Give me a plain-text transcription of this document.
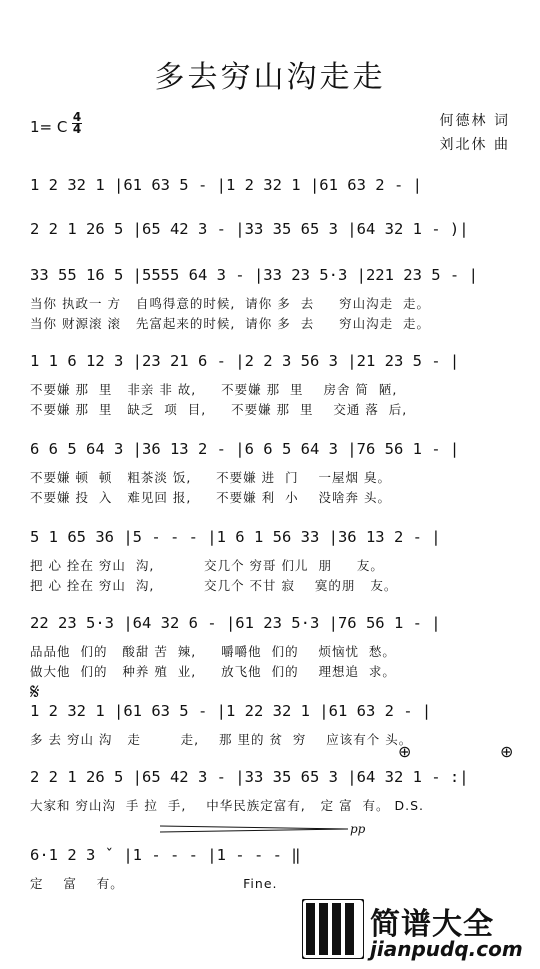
多去穷山沟走走
1= C
4
4	何德林 词
刘北休 曲
1 2 32 1 |61 63 5 - |1 2 32 1 |61 63 2 - |
2 2 1 26 5 |65 42 3 - |33 35 65 3 |64 32 1 - )|
33 55 16 5 |5555 64 3 - |33 23 5·3 |221 23 5 - |
当你 执政一 方   自鸣得意的时候,  请你 多  去     穷山沟走  走。
当你 财源滚 滚   先富起来的时候,  请你 多  去     穷山沟走  走。
1 1 6 12 3 |23 21 6 - |2 2 3 56 3 |21 23 5 - |
不要嫌 那  里   非亲 非 故,     不要嫌 那  里    房舍 简  陋,
不要嫌 那  里   缺乏  项  目,     不要嫌 那  里    交通 落  后,
6 6 5 64 3 |36 13 2 - |6 6 5 64 3 |76 56 1 - |
不要嫌 顿  顿   粗茶淡 饭,     不要嫌 进  门    一屋烟 臭。
不要嫌 投  入   难见回 报,     不要嫌 利  小    没啥奔 头。
5 1 65 36 |5 - - - |1 6 1 56 33 |36 13 2 - |
把 心 拴在 穷山  沟,          交几个 穷哥 们儿  朋     友。
把 心 拴在 穷山  沟,          交几个 不甘 寂    寞的朋   友。
22 23 5·3 |64 32 6 - |61 23 5·3 |76 56 1 - |
品品他  们的   酸甜 苦  辣,     嚼嚼他  们的    烦恼忧  愁。
做大他  们的   种养 殖  业,     放飞他  们的    理想追  求。
𝄋
1 2 32 1 |61 63 5 - |1 22 32 1 |61 63 2 - |
多 去 穷山 沟   走        走,    那 里的 贫  穷    应该有个 头。
⊕	⊕
2 2 1 26 5 |65 42 3 - |33 35 65 3 |64 32 1 - :|
大家和 穷山沟  手 拉  手,    中华民族定富有,   定 富  有。 D.S.
pp
6·1 2 3 ˇ |1 - - - |1 - - - ‖
定    富    有。                        Fine.
简谱大全
jianpudq.com
